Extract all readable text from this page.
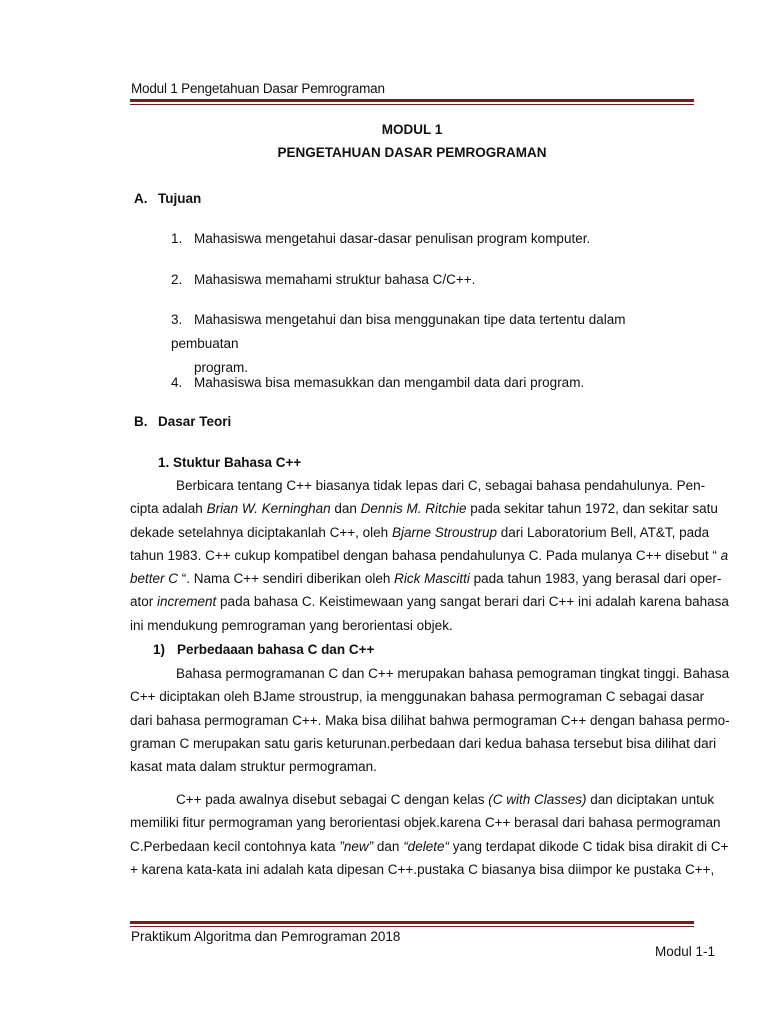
Modul 1 Pengetahuan Dasar Pemrograman
MODUL 1
PENGETAHUAN DASAR PEMROGRAMAN
A. Tujuan
1. Mahasiswa mengetahui dasar-dasar penulisan program komputer.
2. Mahasiswa memahami struktur bahasa C/C++.
3. Mahasiswa mengetahui dan bisa menggunakan tipe data tertentu dalam pembuatan
program.
4. Mahasiswa bisa memasukkan dan mengambil data dari program.
B. Dasar Teori
1. Stuktur Bahasa C++
Berbicara tentang C++ biasanya tidak lepas dari C, sebagai bahasa pendahulunya. Pen-
cipta adalah Brian W. Kerninghan dan Dennis M. Ritchie pada sekitar tahun 1972, dan sekitar satu
dekade setelahnya diciptakanlah C++, oleh Bjarne Stroustrup dari Laboratorium Bell, AT&T, pada
tahun 1983. C++ cukup kompatibel dengan bahasa pendahulunya C. Pada mulanya C++ disebut “ a
better C “. Nama C++ sendiri diberikan oleh Rick Mascitti pada tahun 1983, yang berasal dari oper-
ator increment pada bahasa C. Keistimewaan yang sangat berari dari C++ ini adalah karena bahasa
ini mendukung pemrograman yang berorientasi objek.
1) Perbedaaan bahasa C dan C++
Bahasa permogramanan C dan C++ merupakan bahasa pemograman tingkat tinggi. Bahasa
C++ diciptakan oleh BJame stroustrup, ia menggunakan bahasa permograman C sebagai dasar
dari bahasa permograman C++. Maka bisa dilihat bahwa permograman C++ dengan bahasa permo-
graman C merupakan satu garis keturunan.perbedaan dari kedua bahasa tersebut bisa dilihat dari
kasat mata dalam struktur permograman.
C++ pada awalnya disebut sebagai C dengan kelas (C with Classes) dan diciptakan untuk
memiliki fitur permograman yang berorientasi objek.karena C++ berasal dari bahasa permograman
C.Perbedaan kecil contohnya kata ”new” dan “delete“ yang terdapat dikode C tidak bisa dirakit di C+
+ karena kata-kata ini adalah kata dipesan C++.pustaka C biasanya bisa diimpor ke pustaka C++,
Praktikum Algoritma dan Pemrograman 2018
Modul 1-1
